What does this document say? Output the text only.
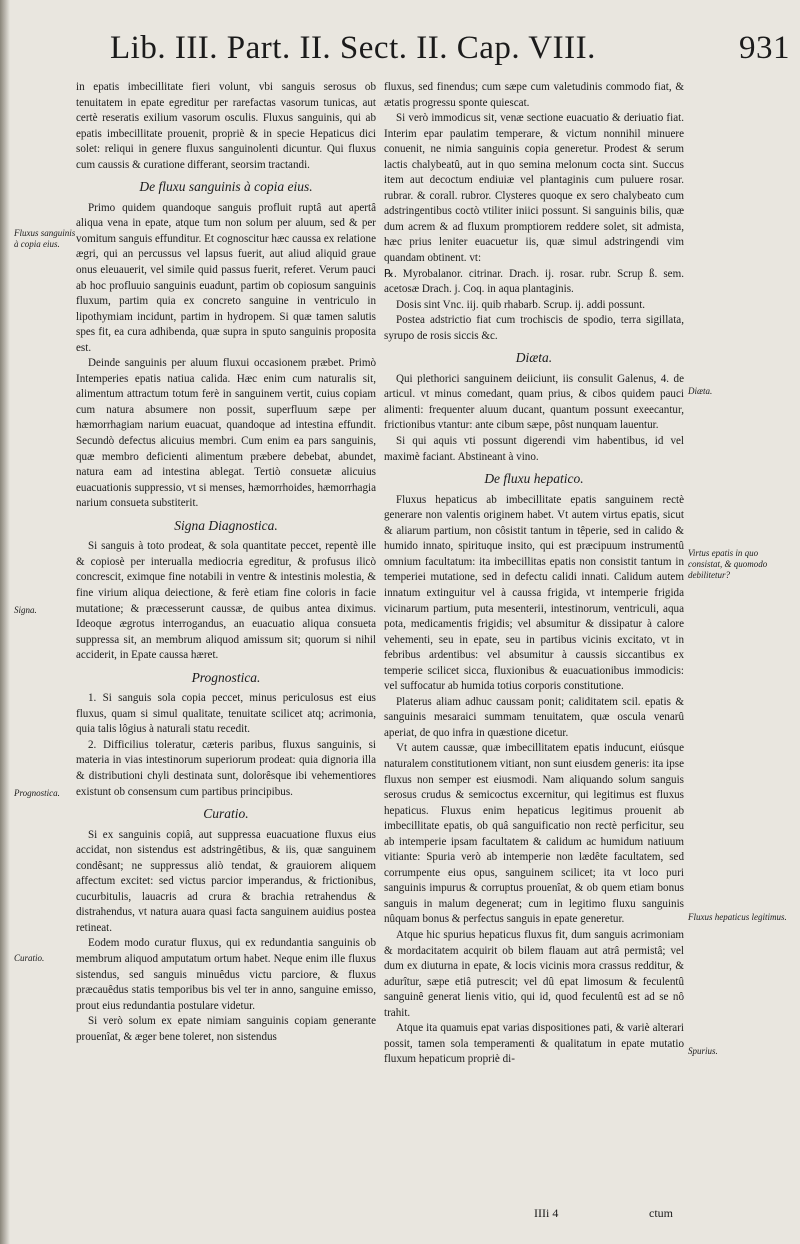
Lib. III. Part. II. Sect. II. Cap. VIII.	931

in epatis imbecillitate fieri volunt, vbi sanguis serosus ob tenuitatem in epate egreditur per rarefactas vasorum tunicas, aut certè reseratis exilium vasorum osculis. Fluxus sanguinis, qui ab epatis imbecillitate prouenit, propriè & in specie Hepaticus dici solet: reliqui in genere fluxus sanguinolenti dicuntur. Qui fluxus cum caussis & curatione differant, seorsim tractandi.

De fluxu sanguinis à copia eius.

Primo quidem quandoque sanguis profluit ruptâ aut apertâ aliqua vena in epate, atque tum non solum per aluum, sed & per vomitum sanguis effunditur. Et cognoscitur hæc caussa ex relatione ægri, qui an percussus vel lapsus fuerit, aut aliud aliquid graue onus eleuauerit, vel simile quid passus fuerit, referet. Verum pauci ab hoc profluuio sanguinis euadunt, partim ob copiosum sanguinis fluxum, partim quia ex concreto sanguine in ventriculo in lipothymiam incidunt, partim in hydropem. Si quæ tamen salutis spes fit, ea cura adhibenda, quæ supra in sputo sanguinis proposita est.

Deinde sanguinis per aluum fluxui occasionem præbet. Primò Intemperies epatis natiua calida. Hæc enim cum naturalis sit, alimentum attractum totum ferè in sanguinem vertit, cuius copiam cum natura absumere non possit, superfluum sæpe per hæmorrhagiam narium euacuat, quandoque ad intestina effundit. Secundò defectus alicuius membri. Cum enim ea pars sanguinis, quæ membro deficienti alimentum præbere debebat, abundet, natura eam ad intestina ablegat. Tertiò consuetæ alicuius euacuationis suppressio, vt si menses, hæmorrhoides, hæmorrhagia narium consueta substiterit.

Signa Diagnostica.

Si sanguis à toto prodeat, & sola quantitate peccet, repentè ille & copiosè per interualla mediocria egreditur, & profusus ilicò concrescit, eximque fine notabili in ventre & intestinis molestia, & fine virium aliqua deiectione, & ferè etiam fine coloris in facie mutatione; & præcesserunt caussæ, de quibus antea diximus. Ideoque ægrotus interrogandus, an euacuatio aliqua consueta suppressa sit, an membrum aliquod amissum sit; quorum si nihil acciderit, in Epate caussa hæret.

Prognostica.

1. Si sanguis sola copia peccet, minus periculosus est eius fluxus, quam si simul qualitate, tenuitate scilicet atq; acrimonia, quia talis lôgius à naturali statu recedit.

2. Difficilius toleratur, cæteris paribus, fluxus sanguinis, si materia in vias intestinorum superiorum prodeat: quia dignoria illa & distributioni chyli destinata sunt, dolorêsque ibi vehementiores existunt ob consensum cum partibus principibus.

Curatio.

Si ex sanguinis copiâ, aut suppressa euacuatione fluxus eius accidat, non sistendus est adstringêtibus, & iis, quæ sanguinem condêsant; ne suppressus aliò tendat, & grauiorem aliquem affectum excitet: sed victus parcior imperandus, & frictionibus, cucurbitulis, lauacris ad crura & brachia retrahendus & distrahendus, vt natura auara quasi facta sanguinem auidius postea retineat.

Eodem modo curatur fluxus, qui ex redundantia sanguinis ob membrum aliquod amputatum ortum habet. Neque enim ille fluxus sistendus, sed sanguis minuêdus victu parciore, & fluxus præcauêdus statis temporibus bis vel ter in anno, sanguine emisso, prout eius redundantia postulare videtur.

Si verò solum ex epate nimiam sanguinis copiam generante prouenîat, & æger bene toleret, non sistendus

fluxus, sed finendus; cum sæpe cum valetudinis commodo fiat, & ætatis progressu sponte quiescat.

Si verò immodicus sit, venæ sectione euacuatio & deriuatio fiat. Interim epar paulatim temperare, & victum nonnihil minuere conuenit, ne nimia sanguinis copia generetur. Prodest & serum lactis chalybeatû, aut in quo semina melonum cocta sint. Succus item aut decoctum endiuiæ vel plantaginis cum puluere rosar. rubrar. & corall. rubror. Clysteres quoque ex sero chalybeato cum adstringentibus coctò vtiliter iniici possunt. Si sanguinis bilis, quæ dum acrem & ad fluxum promptiorem reddere solet, sit admista, hæc prius leniter euacuetur iis, quæ simul adstringendi vim quandam obtinent. vt:

℞. Myrobalanor. citrinar. Drach. ij. rosar. rubr. Scrup ß. sem. acetosæ Drach. j. Coq. in aqua plantaginis.

Dosis sint Vnc. iij. quib rhabarb. Scrup. ij. addi possunt.

Postea adstrictio fiat cum trochiscis de spodio, terra sigillata, syrupo de rosis siccis &c.

Diæta.

Qui plethorici sanguinem deiiciunt, iis consulit Galenus, 4. de articul. vt minus comedant, quam prius, & cibos quidem pauci alimenti: frequenter aluum ducant, quantum possunt exeecantur, frictionibus vtantur: ante cibum sæpe, pôst nunquam lauentur.

Si qui aquis vti possunt digerendi vim habentibus, id vel maximè faciant. Abstineant à vino.

De fluxu hepatico.

Fluxus hepaticus ab imbecillitate epatis sanguinem rectè generare non valentis originem habet. Vt autem virtus epatis, sicut & aliarum partium, non côsistit tantum in têperie, sed in calido & humido innato, spirituque insito, qui est præcipuum instrumentû omnium facultatum: ita imbecillitas epatis non consistit tantum in temperiei mutatione, sed in defectu calidi innati. Calidum autem innatum extinguitur vel à caussa frigida, vt intemperie frigida vicinarum partium, puta mesenterii, intestinorum, ventriculi, aqua pota, medicamentis frigidis; vel absumitur & dissipatur à calore vehementi, seu in epate, seu in partibus vicinis excitato, vt in febribus ardentibus: vel absumitur à caussis siccantibus ex temperie scilicet sicca, fluxionibus & euacuationibus immodicis: vel suffocatur ab humida totius corporis constitutione.

Platerus aliam adhuc caussam ponit; caliditatem scil. epatis & sanguinis mesaraici summam tenuitatem, quæ oscula venarû aperiat, de quo infra in quæstione dicetur.

Vt autem caussæ, quæ imbecillitatem epatis inducunt, eiúsque naturalem constitutionem vitiant, non sunt eiusdem generis: ita ipse fluxus non semper est eiusmodi. Nam aliquando solum sanguis serosus crudus & semicoctus excernitur, qui legitimus est fluxus hepaticus. Fluxus enim hepaticus legitimus prouenit ab imbecillitate epatis, ob quâ sanguificatio non rectè perficitur, seu ab intemperie ipsam facultatem & calidum ac humidum natiuum vitiante: Spuria verò ab intemperie non lædête facultatem, sed corrumpente eius opus, sanguinem scilicet; ita vt loco puri sanguinis impurus & corruptus prouenîat, & ob quem etiam bonus sanguis in malum degenerat; cum in legitimo fluxu sanguinis nûquam bonus & perfectus sanguis in epate generetur.

Atque hic spurius hepaticus fluxus fit, dum sanguis acrimoniam & mordacitatem acquirit ob bilem flauam aut atrâ permistâ; vel dum ex diuturna in epate, & locis vicinis mora crassus redditur, & adurîtur, sæpe etiâ putrescit; vel dû epat limosum & feculentû sanguinê generat lienis vitio, qui id, quod feculentû est ad se nô trahit.

Atque ita quamuis epat varias dispositiones pati, & variè alterari possit, tamen sola temperamenti & qualitatum in epate mutatio fluxum hepaticum propriè di-

Fluxus sanguinis à copia eius.
Signa.
Prognostica.
Curatio.
Diæta.
Virtus epatis in quo consistat, & quomodo debilitetur?
Fluxus hepaticus legitimus.
Spurius.
IIIi 4	ctum
